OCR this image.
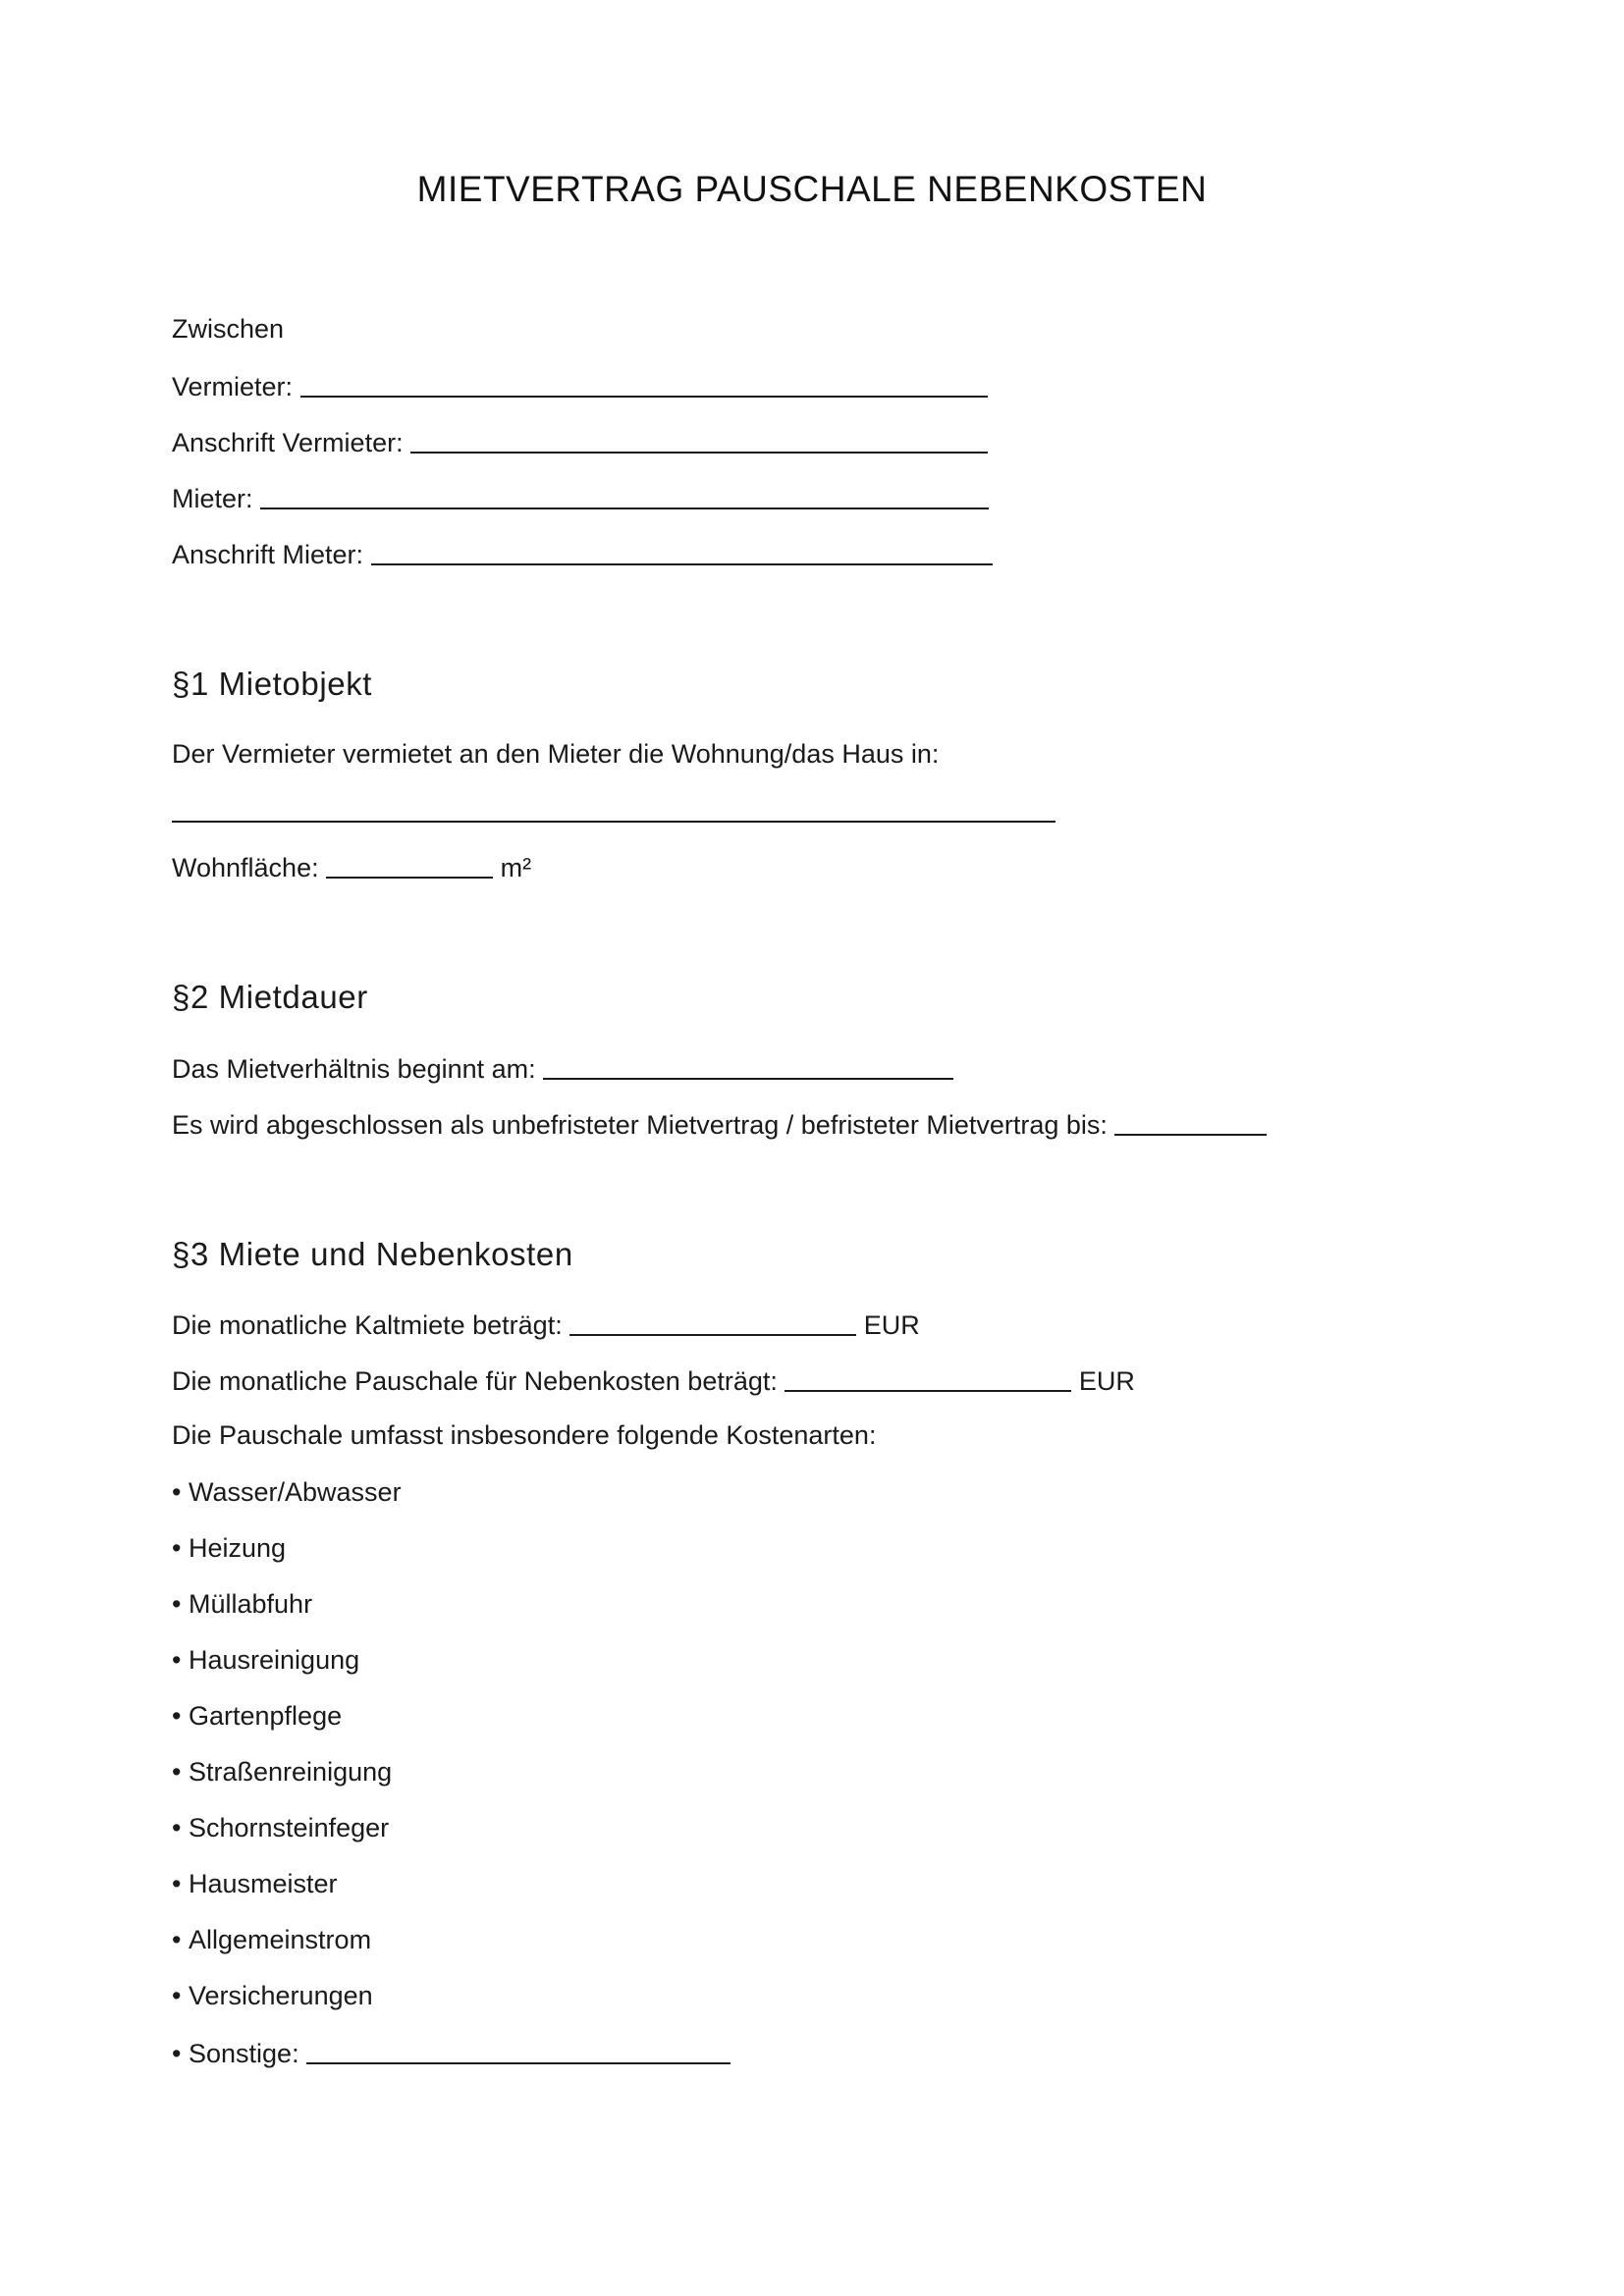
MIETVERTRAG PAUSCHALE NEBENKOSTEN
Zwischen
Vermieter:
Anschrift Vermieter:
Mieter:
Anschrift Mieter:
§1 Mietobjekt
Der Vermieter vermietet an den Mieter die Wohnung/das Haus in:
Wohnfläche:	m²
§2 Mietdauer
Das Mietverhältnis beginnt am:
Es wird abgeschlossen als unbefristeter Mietvertrag / befristeter Mietvertrag bis:
§3 Miete und Nebenkosten
Die monatliche Kaltmiete beträgt:	EUR
Die monatliche Pauschale für Nebenkosten beträgt:	EUR
Die Pauschale umfasst insbesondere folgende Kostenarten:
• Wasser/Abwasser
• Heizung
• Müllabfuhr
• Hausreinigung
• Gartenpflege
• Straßenreinigung
• Schornsteinfeger
• Hausmeister
• Allgemeinstrom
• Versicherungen
• Sonstige:
